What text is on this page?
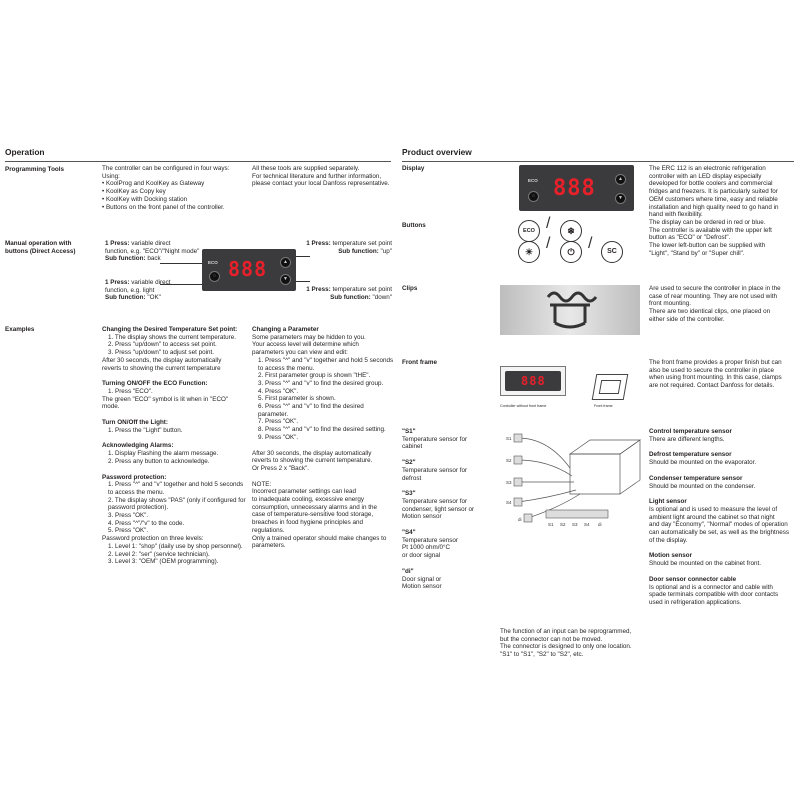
Operation
Programming Tools	The controller can be configured in four ways:
Using:
• KoolProg and KoolKey as Gateway
• KoolKey as Copy key
• KoolKey with Docking station
• Buttons on the front panel of the controller.
All these tools are supplied separately.
For technical literature and further information,
please contact your local Danfoss representative.
Manual operation with
buttons (Direct Access)
1 Press: variable direct
function, e.g. "ECO"/"Night mode"
Sub function: back
1 Press: variable direct
function, e.g. light
Sub function: "OK"
1 Press: temperature set point
Sub function: "up"
1 Press: temperature set point
Sub function: "down"
ECO
◌ 888	▲
▼
Examples	Changing the Desired Temperature Set point:
1. The display shows the current temperature.
2. Press "up/down" to access set point.
3. Press "up/down" to adjust set point.
After 30 seconds, the display automatically
reverts to showing the current temperature
Turning ON/OFF the ECO Function:
1. Press "ECO".
The green "ECO" symbol is lit when in "ECO"
mode.
Turn ON/Off the Light:
1. Press the "Light" button.
Acknowledging Alarms:
1. Display Flashing the alarm message.
2. Press any button to acknowledge.
Password protection:
1. Press "^" and "v" together and hold 5 seconds
to access the menu.
2. The display shows "PAS" (only if configured for
password protection).
3. Press "OK".
4. Press "^"/"v" to the code.
5. Press "OK".
Password protection on three levels:
1. Level 1: "shop" (daily use by shop personnel).
2. Level 2: "ser" (service technician).
3. Level 3: "OEM" (OEM programming).
Changing a Parameter
Some parameters may be hidden to you.
Your access level will determine which
parameters you can view and edit:
1. Press "^" and "v" together and hold 5 seconds
to access the menu.
2. First parameter group is shown "tHE".
3. Press "^" and "v" to find the desired group.
4. Press "OK".
5. First parameter is shown.
6. Press "^" and "v" to find the desired
parameter.
7. Press "OK".
8. Press "^" and "v" to find the desired setting.
9. Press "OK".
After 30 seconds, the display automatically
reverts to showing the current temperature.
Or Press 2 x "Back".
NOTE:
Incorrect parameter settings can lead
to inadequate cooling, excessive energy
consumption, unnecessary alarms and in the
case of temperature-sensitive food storage,
breaches in food hygiene principles and
regulations.
Only a trained operator should make changes to
parameters.
Product overview
Display
ECO
◌ 888	▲
▼
The ERC 112 is an electronic refrigeration
controller with an LED display especially
developed for bottle coolers and commercial
fridges and freezers. It is particularly suited for
OEM customers where time, easy and reliable
installation and high quality need to go hand in
hand with flexibility.
The display can be ordered in red or blue.
The controller is available with the upper left
button as "ECO" or "Defrost".
The lower left-button can be supplied with
"Light", "Stand by" or "Super chill".
Buttons
ECO /	❄
☀ /	⏻ /	SC
Clips	Are used to secure the controller in place in the
case of rear mounting. They are not used with
front mounting.
There are two identical clips, one placed on
either side of the controller.
Front frame
888
Controller without front frame	Front frame
The front frame provides a proper finish but can
also be used to secure the controller in place
when using front mounting. In this case, clamps
are not required. Contact Danfoss for details.
"S1"
Temperature sensor for
cabinet
"S2"
Temperature sensor for
defrost
"S3"
Temperature sensor for
condenser, light sensor or
Motion sensor
"S4"
Temperature sensor
Pt 1000 ohm/0°C
or door signal
"di"
Door signal or
Motion sensor
S1
S2
S3
S4
di
S1 S2 S3 S4 di
Control temperature sensor
There are different lengths.
Defrost temperature sensor
Should be mounted on the evaporator.
Condenser temperature sensor
Should be mounted on the condenser.
Light sensor
Is optional and is used to measure the level of
ambient light around the cabinet so that night
and day "Economy", "Normal" modes of operation
can automatically be set, as well as the brightness
of the display.
Motion sensor
Should be mounted on the cabinet front.
Door sensor connector cable
Is optional and is a connector and cable with
spade terminals compatible with door contacts
used in refrigeration applications.
The function of an input can be reprogrammed,
but the connector can not be moved.
The connector is designed to only one location.
"S1" to "S1", "S2" to "S2", etc.
